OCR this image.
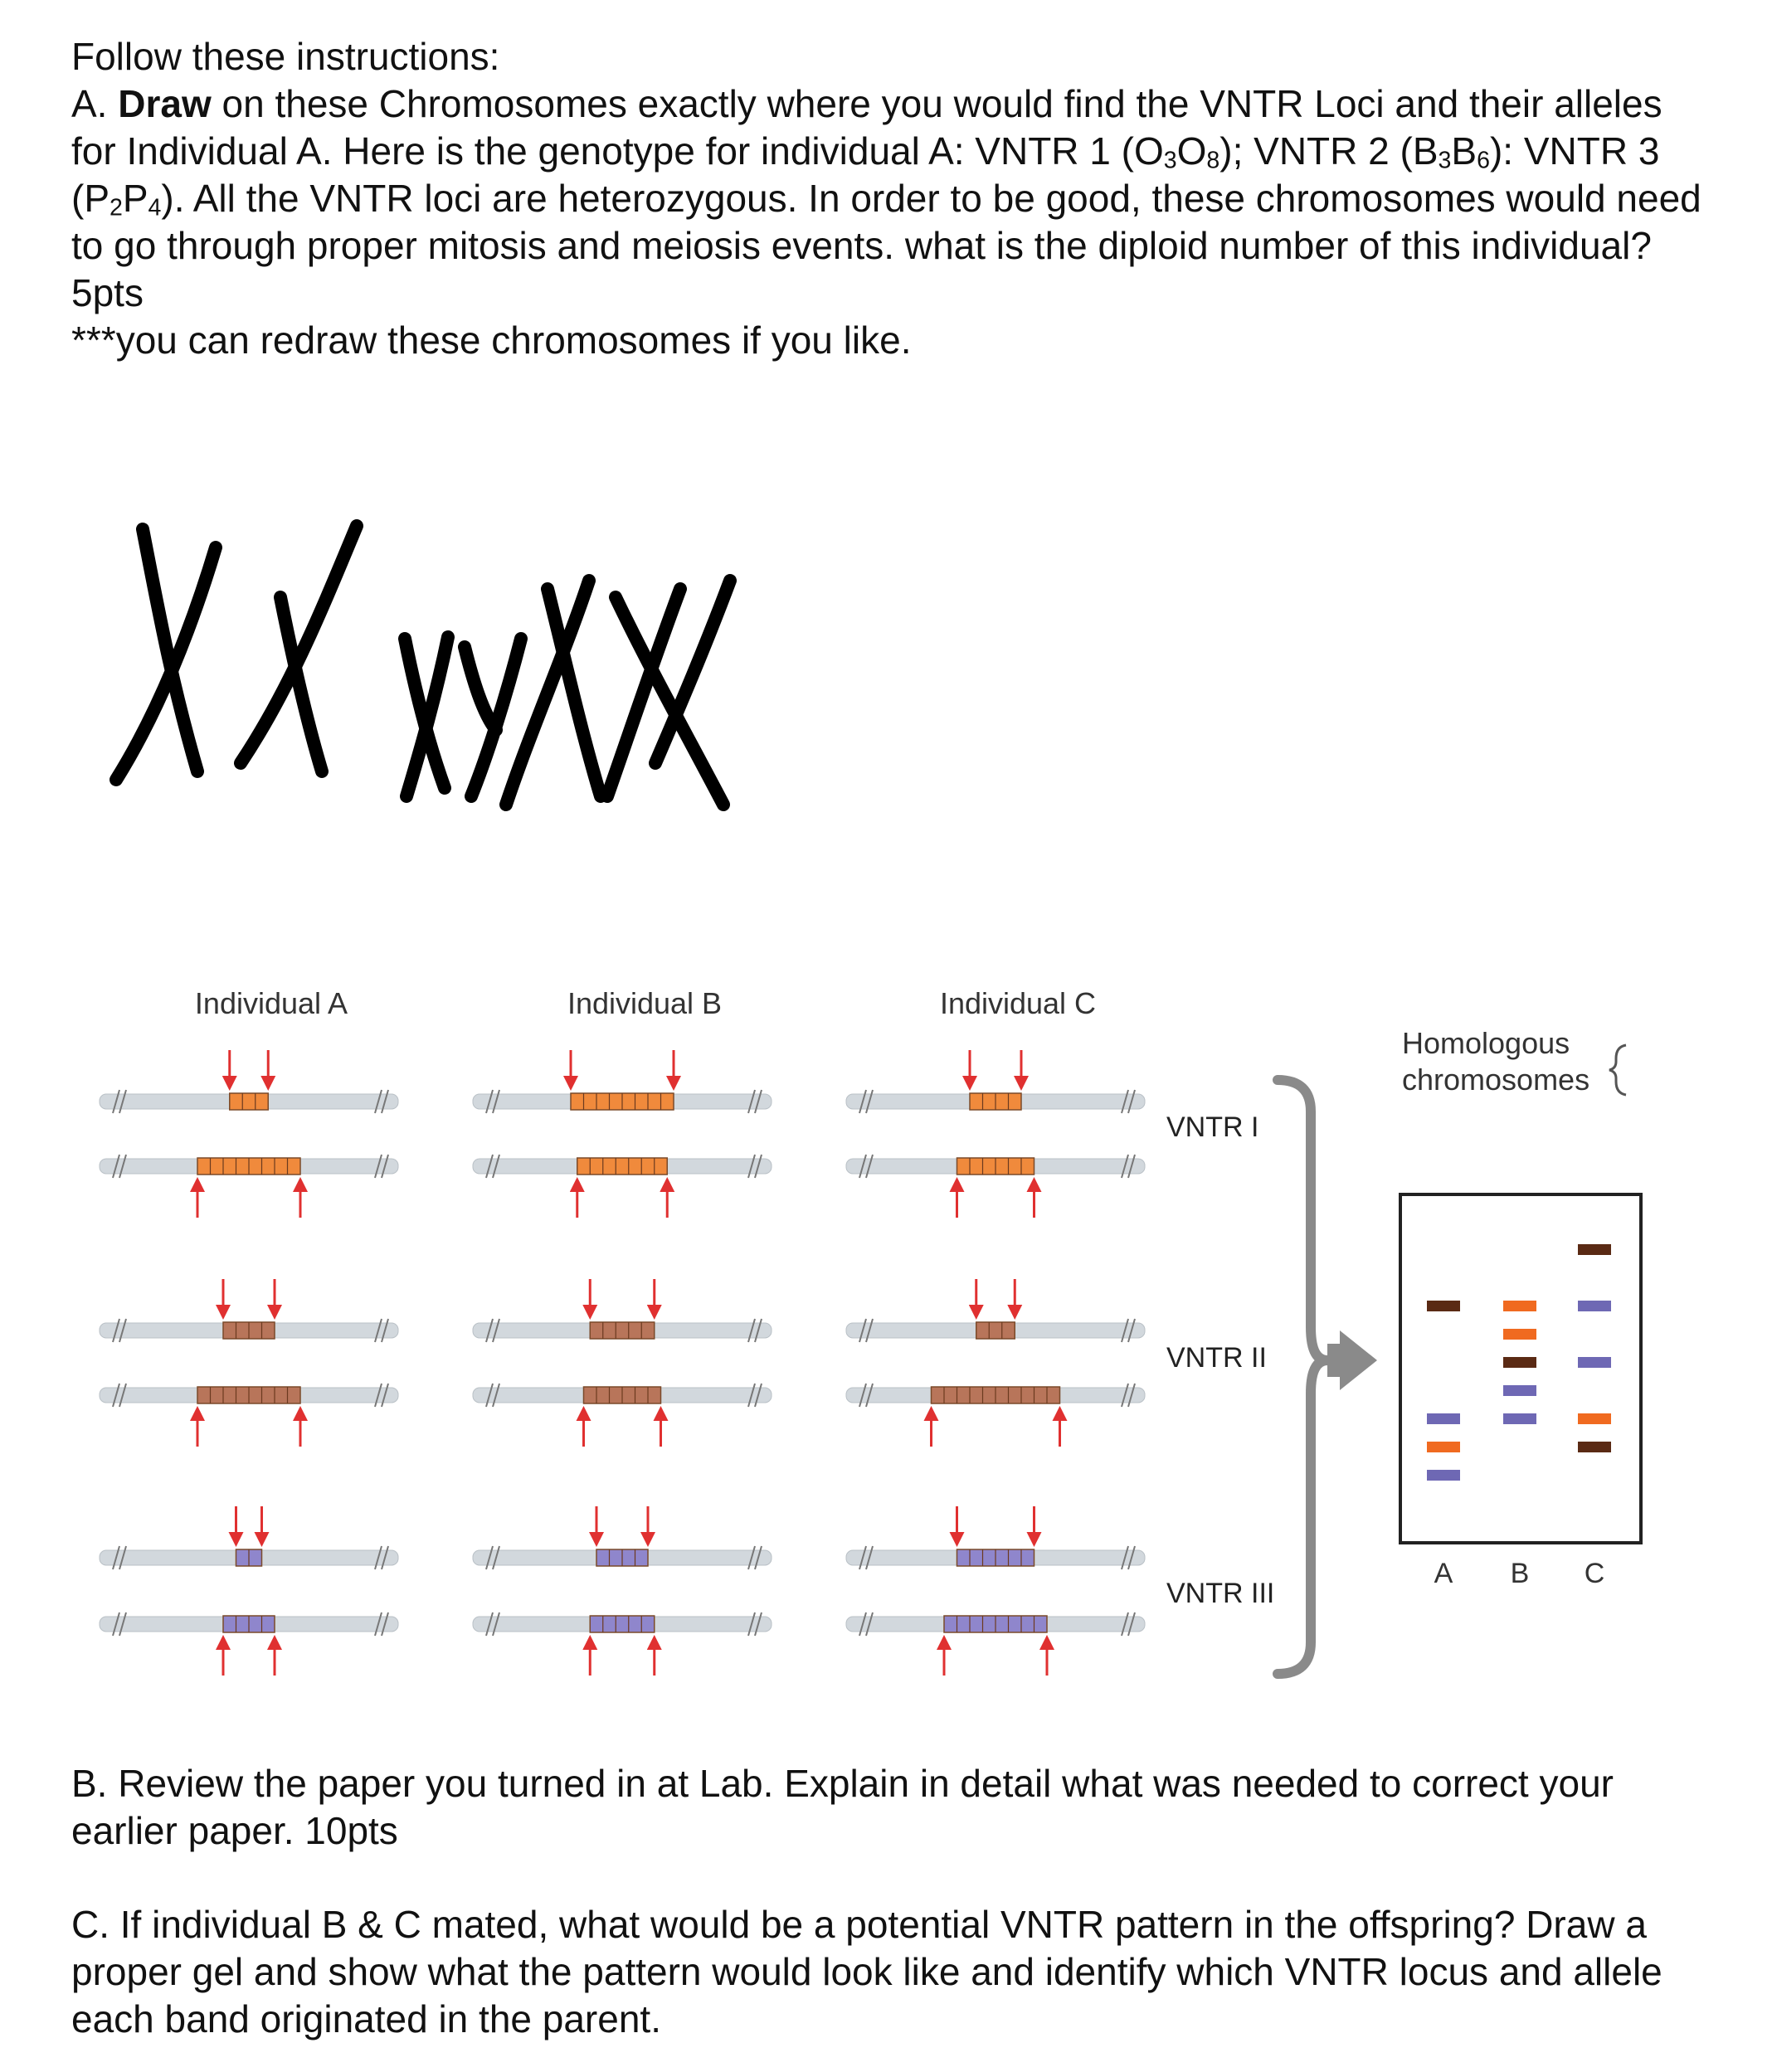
Follow these instructions:

A. Draw on these Chromosomes exactly where you would find the VNTR Loci and their alleles for Individual A. Here is the genotype for individual A: VNTR 1 $(O_3O_8)$; VNTR 2 $(B_3B_6)$: VNTR 3 $(P_2P_4)$. All the VNTR loci are heterozygous. In order to be good, these chromosomes would need to go through proper mitosis and meiosis events. what is the diploid number of this individual? 5pts

***you can redraw these chromosomes if you like.

Individual A	Individual B	Individual C
VNTR I
VNTR II
VNTR III
Homologous
chromosomes
A B C

B. Review the paper you turned in at Lab. Explain in detail what was needed to correct your earlier paper. 10pts

C. If individual B & C mated, what would be a potential VNTR pattern in the offspring? Draw a proper gel and show what the pattern would look like and identify which VNTR locus and allele each band originated in the parent.
